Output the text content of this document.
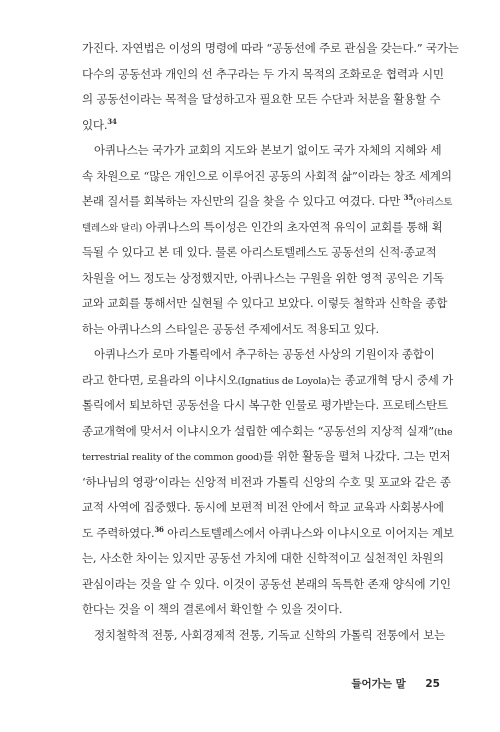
가진다. 자연법은 이성의 명령에 따라 “공동선에 주로 관심을 갖는다.” 국가는
다수의 공동선과 개인의 선 추구라는 두 가지 목적의 조화로운 협력과 시민
의 공동선이라는 목적을 달성하고자 필요한 모든 수단과 처분을 활용할 수
있다.$^{34}$
아퀴나스는 국가가 교회의 지도와 본보기 없이도 국가 자체의 지혜와 세
속 차원으로 “많은 개인으로 이루어진 공동의 사회적 삶”이라는 창조 세계의
본래 질서를 회복하는 자신만의 길을 찾을 수 있다고 여겼다. 다만 $^{35}$(아리스토
텔레스와 달리) 아퀴나스의 특이성은 인간의 초자연적 유익이 교회를 통해 획
득될 수 있다고 본 데 있다. 물론 아리스토텔레스도 공동선의 신적·종교적
차원을 어느 정도는 상정했지만, 아퀴나스는 구원을 위한 영적 공익은 기독
교와 교회를 통해서만 실현될 수 있다고 보았다. 이렇듯 철학과 신학을 종합
하는 아퀴나스의 스타일은 공동선 주제에서도 적용되고 있다.
아퀴나스가 로마 가톨릭에서 추구하는 공동선 사상의 기원이자 종합이
라고 한다면, 로욜라의 이냐시오(Ignatius de Loyola)는 종교개혁 당시 중세 가
톨릭에서 퇴보하던 공동선을 다시 복구한 인물로 평가받는다. 프로테스탄트
종교개혁에 맞서서 이냐시오가 설립한 예수회는 “공동선의 지상적 실재”(the
terrestrial reality of the common good)를 위한 활동을 펼쳐 나갔다. 그는 먼저
‘하나님의 영광’이라는 신앙적 비전과 가톨릭 신앙의 수호 및 포교와 같은 종
교적 사역에 집중했다. 동시에 보편적 비전 안에서 학교 교육과 사회봉사에
도 주력하였다.$^{36}$ 아리스토텔레스에서 아퀴나스와 이냐시오로 이어지는 계보
는, 사소한 차이는 있지만 공동선 가치에 대한 신학적이고 실천적인 차원의
관심이라는 것을 알 수 있다. 이것이 공동선 본래의 독특한 존재 양식에 기인
한다는 것을 이 책의 결론에서 확인할 수 있을 것이다.
정치철학적 전통, 사회경제적 전통, 기독교 신학의 가톨릭 전통에서 보는
들어가는 말 25
